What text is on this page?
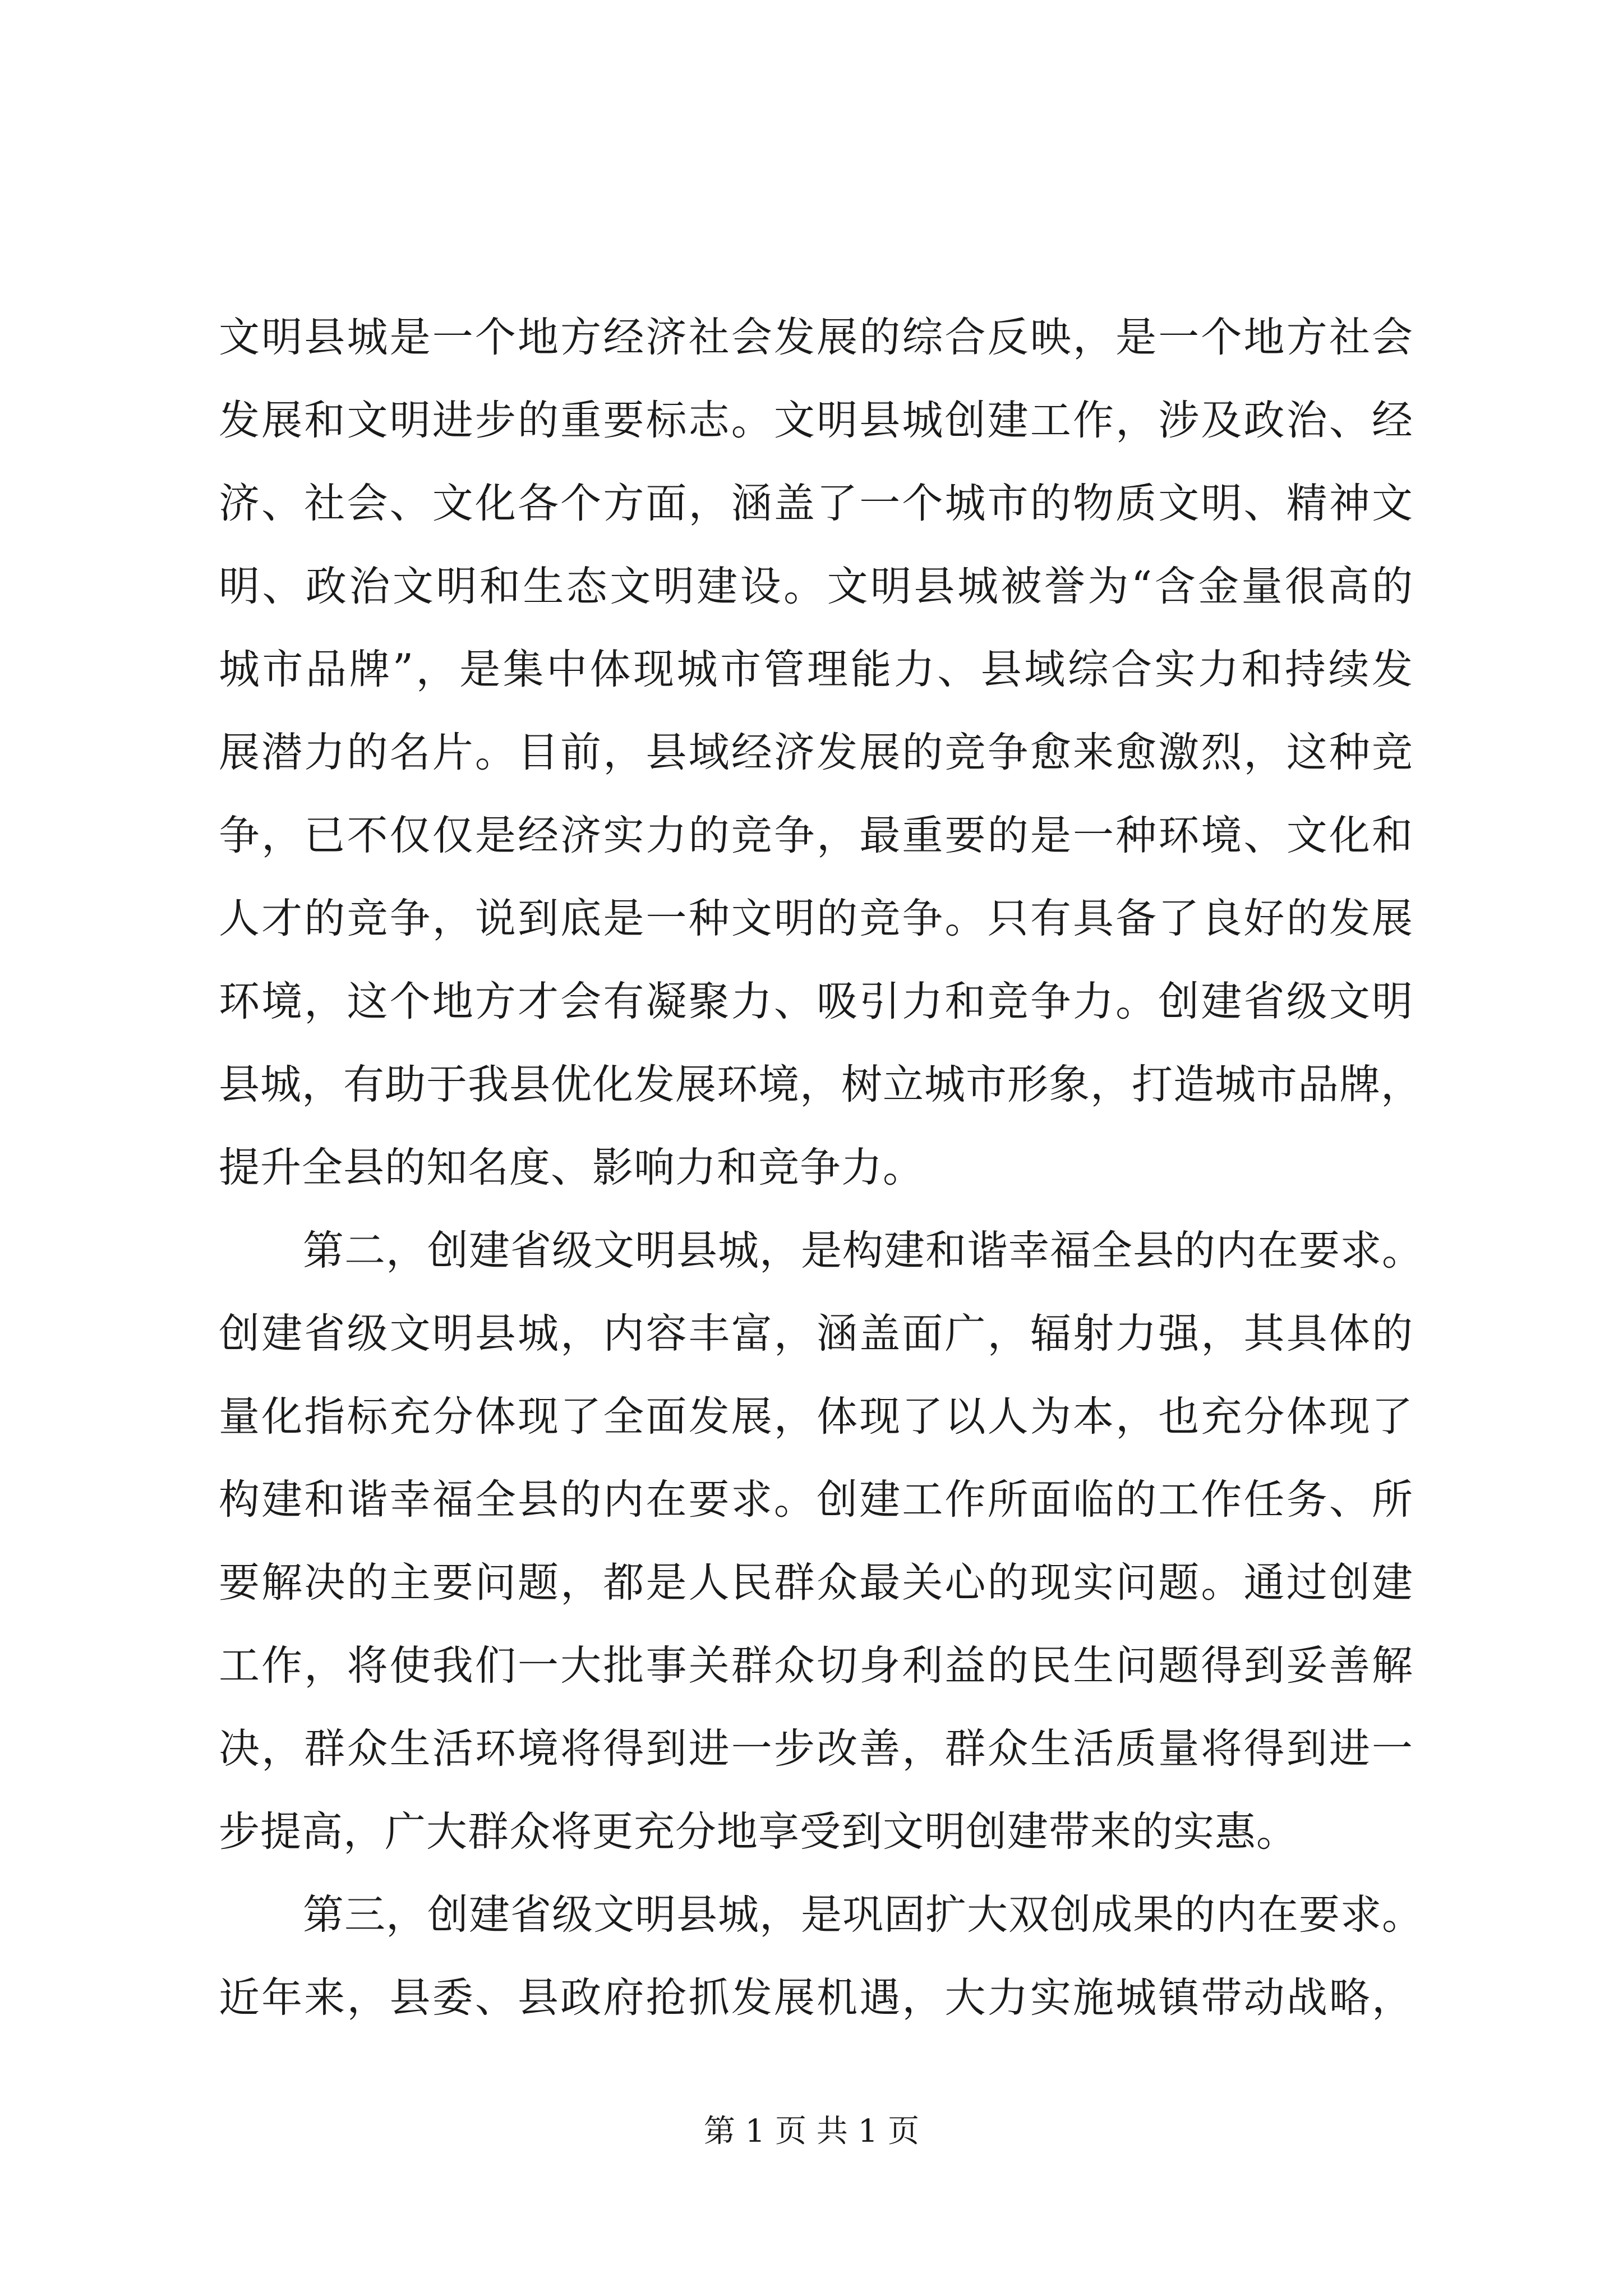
文明县城是一个地方经济社会发展的综合反映，是一个地方社会
发展和文明进步的重要标志。文明县城创建工作，涉及政治、经
济、社会、文化各个方面，涵盖了一个城市的物质文明、精神文
明、政治文明和生态文明建设。文明县城被誉为“含金量很高的
城市品牌”，是集中体现城市管理能力、县域综合实力和持续发
展潜力的名片。目前，县域经济发展的竞争愈来愈激烈，这种竞
争，已不仅仅是经济实力的竞争，最重要的是一种环境、文化和
人才的竞争，说到底是一种文明的竞争。只有具备了良好的发展
环境，这个地方才会有凝聚力、吸引力和竞争力。创建省级文明
县城，有助于我县优化发展环境，树立城市形象，打造城市品牌，
提升全县的知名度、影响力和竞争力。
第二，创建省级文明县城，是构建和谐幸福全县的内在要求。
创建省级文明县城，内容丰富，涵盖面广，辐射力强，其具体的
量化指标充分体现了全面发展，体现了以人为本，也充分体现了
构建和谐幸福全县的内在要求。创建工作所面临的工作任务、所
要解决的主要问题，都是人民群众最关心的现实问题。通过创建
工作，将使我们一大批事关群众切身利益的民生问题得到妥善解
决，群众生活环境将得到进一步改善，群众生活质量将得到进一
步提高，广大群众将更充分地享受到文明创建带来的实惠。
第三，创建省级文明县城，是巩固扩大双创成果的内在要求。
近年来，县委、县政府抢抓发展机遇，大力实施城镇带动战略，
第 1 页 共 1 页
